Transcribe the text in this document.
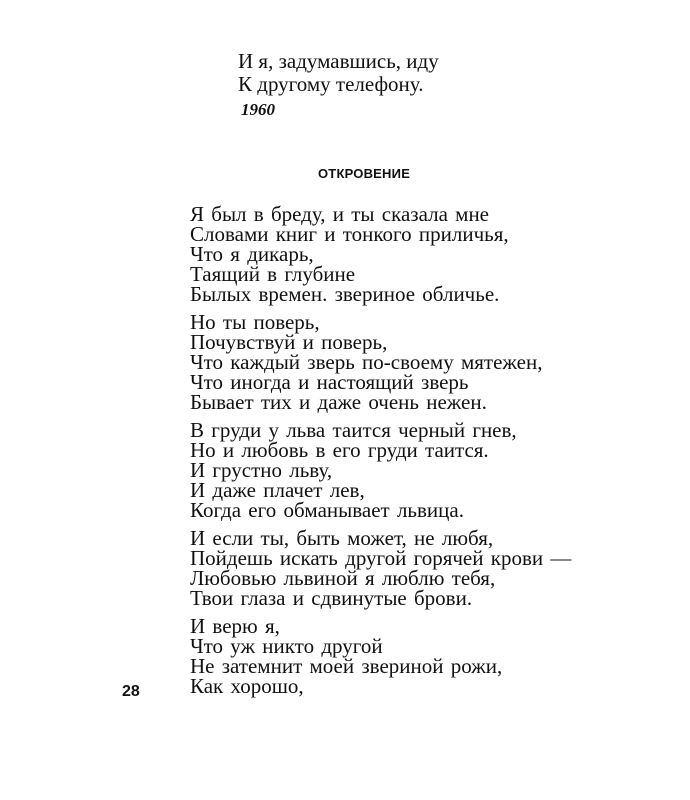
И я, задумавшись, иду
К другому телефону.
1960
ОТКРОВЕНИЕ
Я был в бреду, и ты сказала мне
Словами книг и тонкого приличья,
Что я дикарь,
Таящий в глубине
Былых времен. звериное обличье.
Но ты поверь,
Почувствуй и поверь,
Что каждый зверь по-своему мятежен,
Что иногда и настоящий зверь
Бывает тих и даже очень нежен.
В груди у льва таится черный гнев,
Но и любовь в его груди таится.
И грустно льву,
И даже плачет лев,
Когда его обманывает львица.
И если ты, быть может, не любя,
Пойдешь искать другой горячей крови —
Любовью львиной я люблю тебя,
Твои глаза и сдвинутые брови.
И верю я,
Что уж никто другой
Не затемнит моей звериной рожи,
Как хорошо,
28
